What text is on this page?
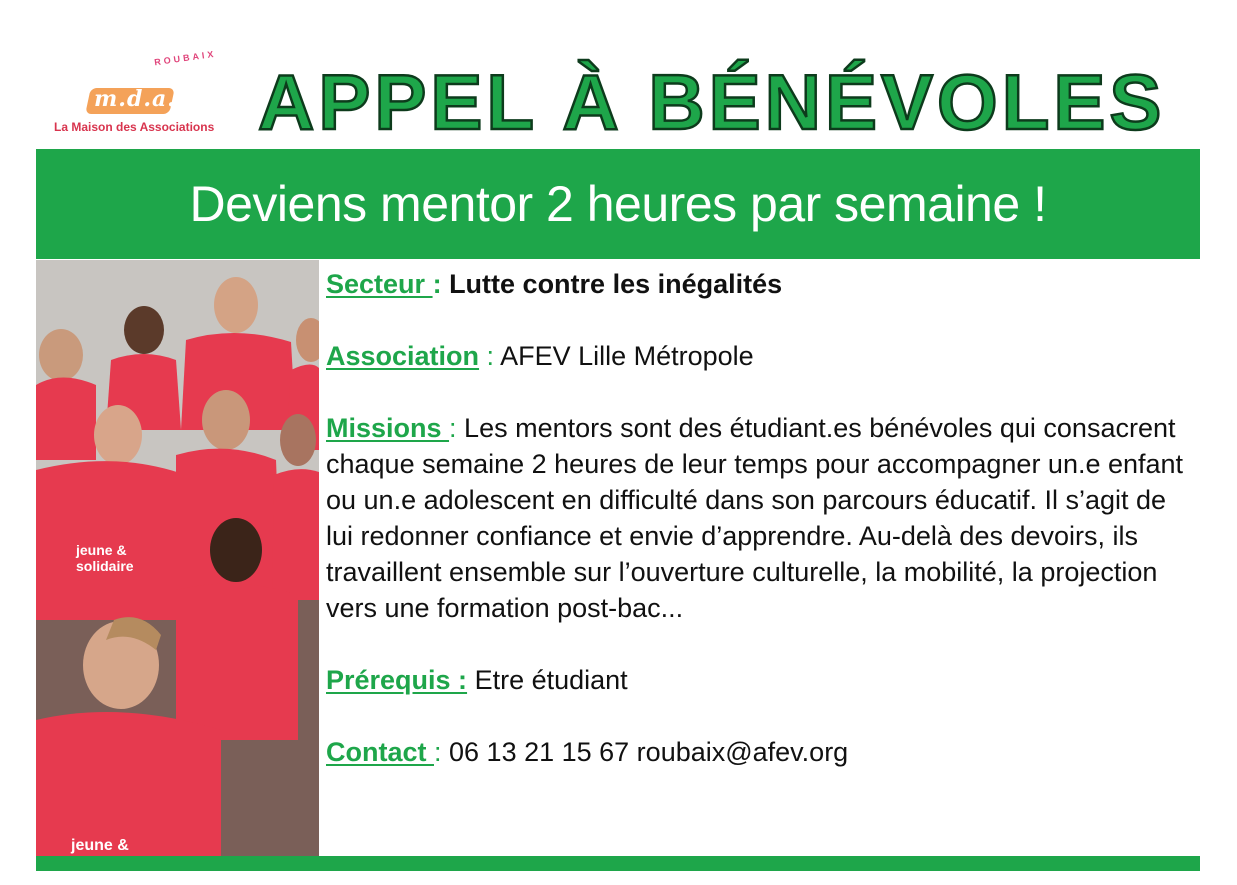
ROUBAIX
m.d.a.
La Maison des Associations APPEL À BÉNÉVOLES
Deviens mentor 2 heures par semaine !
jeune &
solidaire
jeune &

Secteur : Lutte contre les inégalités

Association : AFEV Lille Métropole

Missions : Les mentors sont des étudiant.es bénévoles qui consacrent chaque semaine 2 heures de leur temps pour accompagner un.e enfant ou un.e adolescent en difficulté dans son parcours éducatif. Il s’agit de lui redonner confiance et envie d’apprendre. Au-delà des devoirs, ils travaillent ensemble sur l’ouverture culturelle, la mobilité, la projection vers une formation post-bac...

Prérequis : Etre étudiant

Contact : 06 13 21 15 67 roubaix@afev.org
